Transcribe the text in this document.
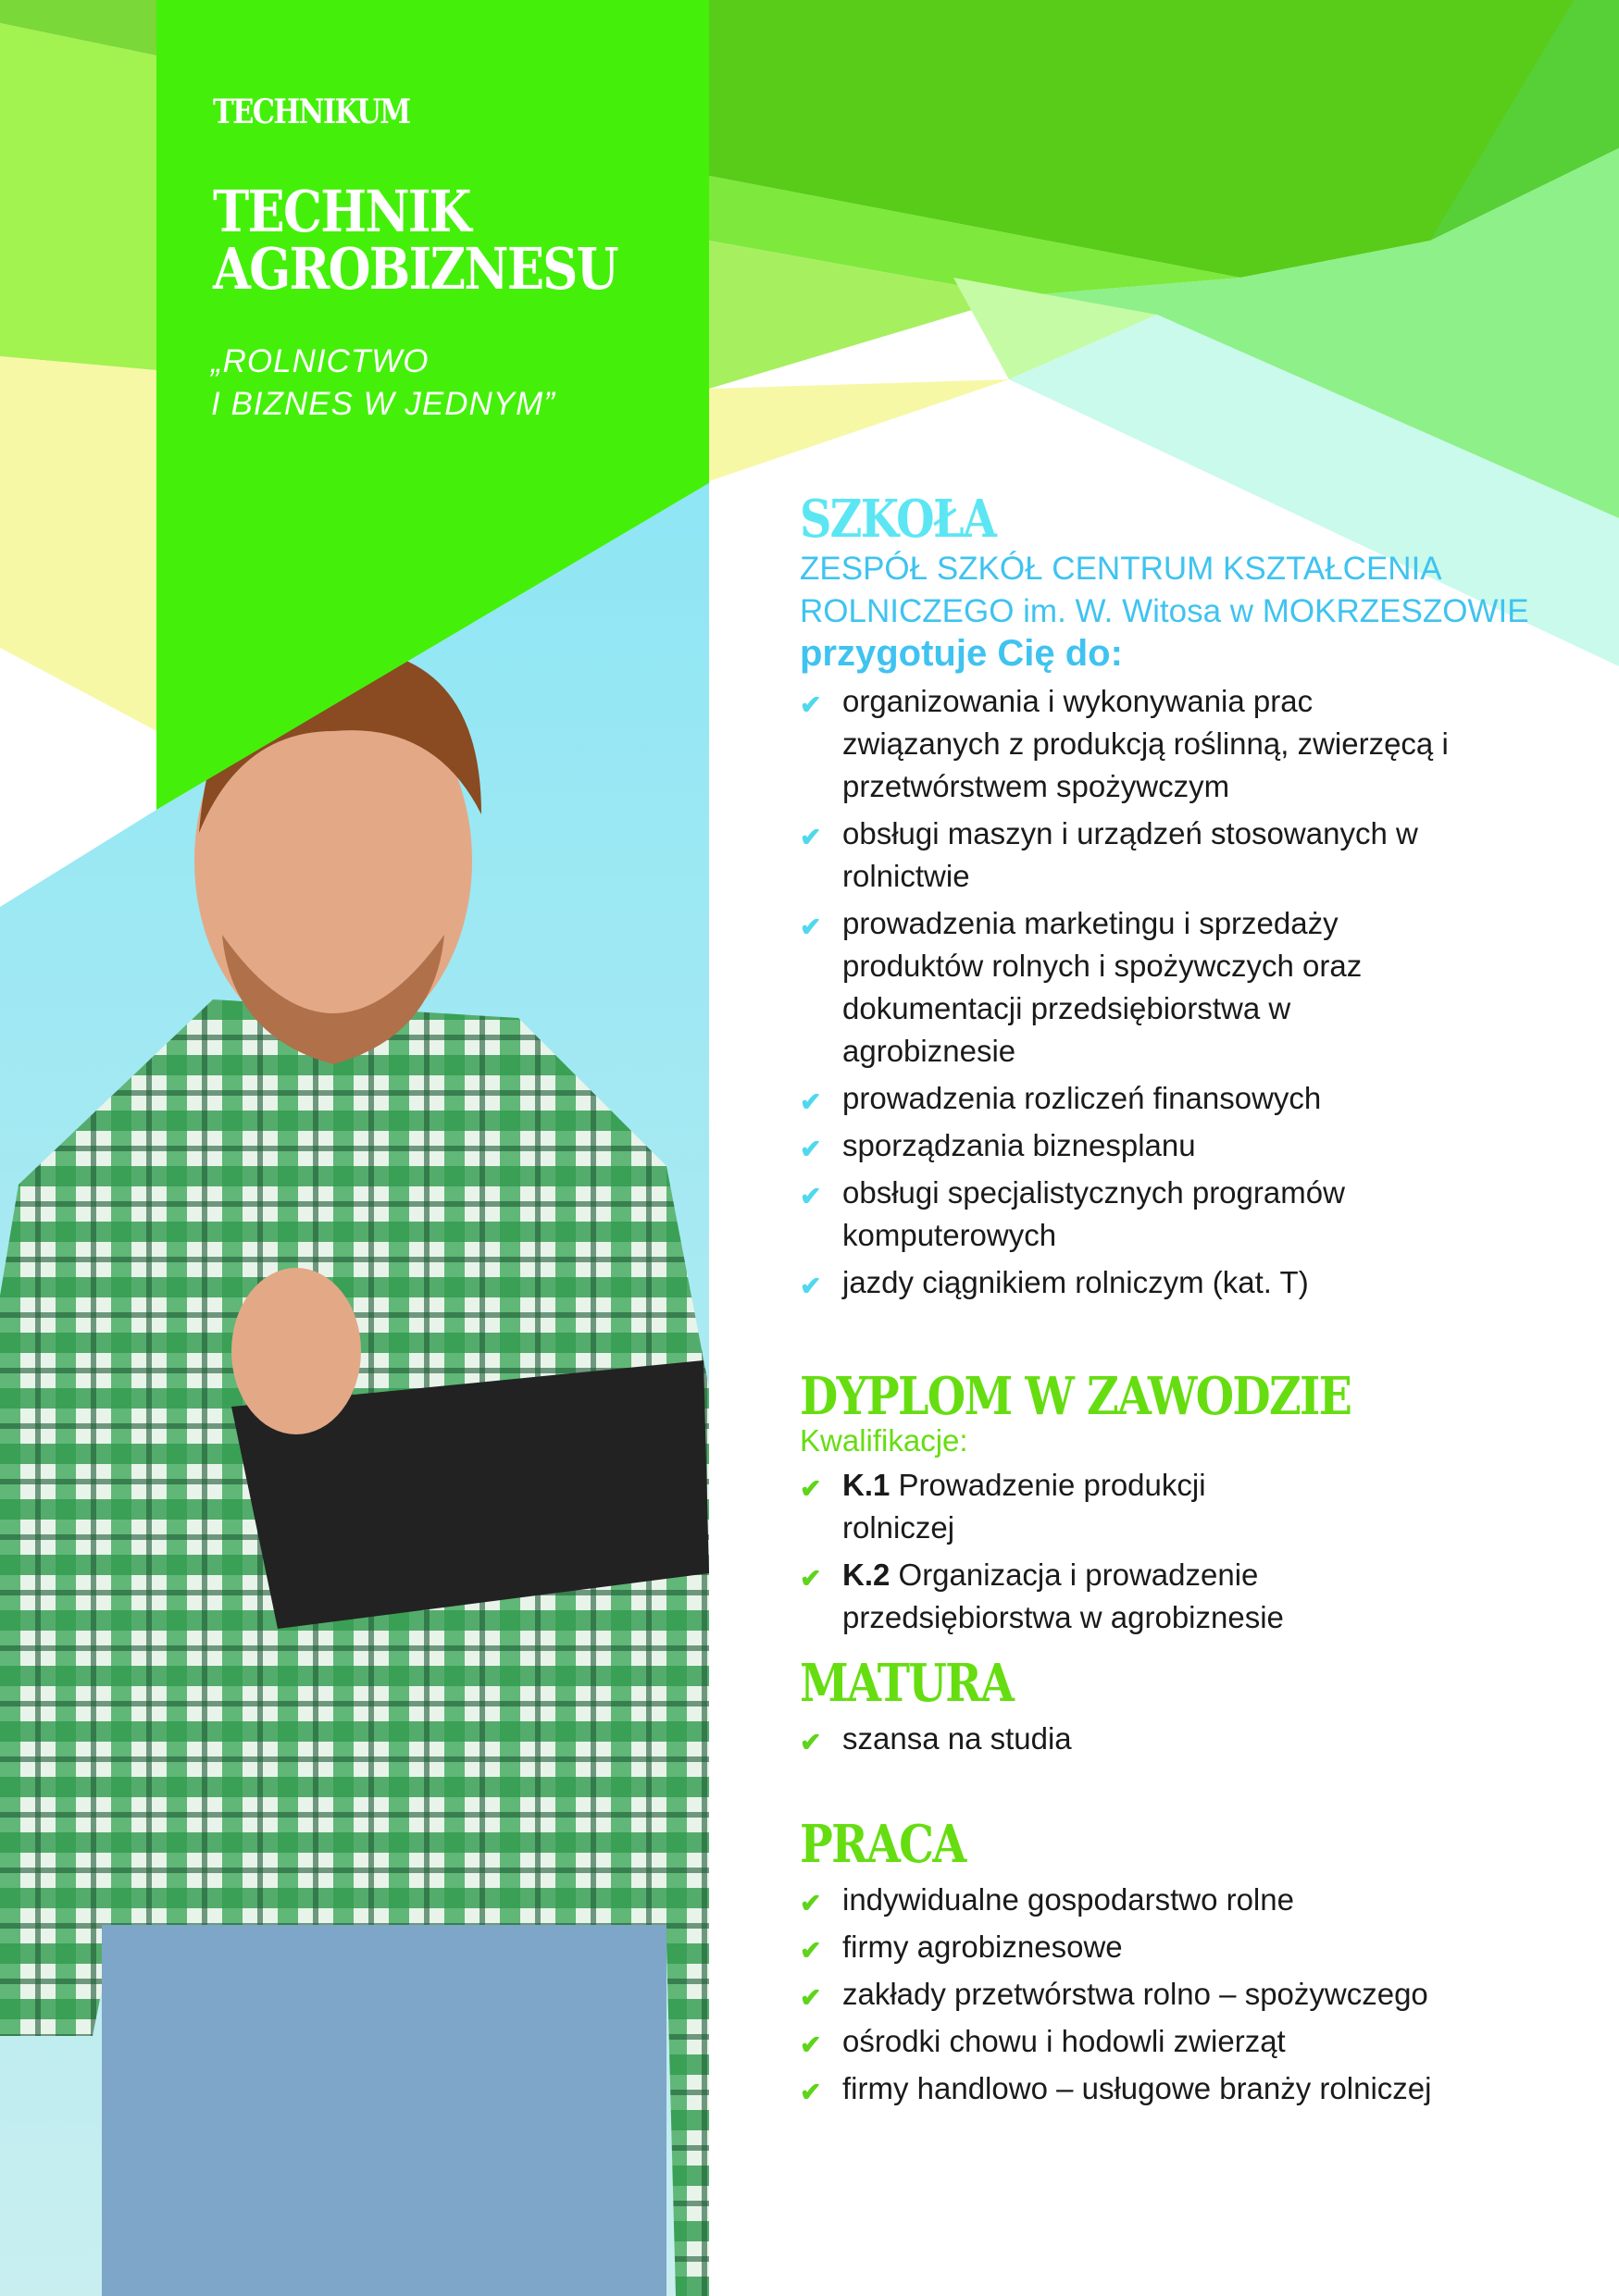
TECHNIKUM
TECHNIK
AGROBIZNESU
„ROLNICTWO
I BIZNES W JEDNYM”
SZKOŁA
ZESPÓŁ SZKÓŁ CENTRUM KSZTAŁCENIA
ROLNICZEGO im. W. Witosa w MOKRZESZOWIE
przygotuje Cię do:
✔ organizowania i wykonywania prac związanych z produkcją roślinną, zwierzęcą i przetwórstwem spożywczym
✔ obsługi maszyn i urządzeń stosowanych w rolnictwie
✔ prowadzenia marketingu i sprzedaży produktów rolnych i spożywczych oraz dokumentacji przedsiębiorstwa w agrobiznesie
✔ prowadzenia rozliczeń finansowych
✔ sporządzania biznesplanu
✔ obsługi specjalistycznych programów komputerowych
✔ jazdy ciągnikiem rolniczym (kat. T)
DYPLOM W ZAWODZIE
Kwalifikacje:
✔ K.1 Prowadzenie produkcji rolniczej
✔ K.2 Organizacja i prowadzenie przedsiębiorstwa w agrobiznesie
MATURA
✔ szansa na studia
PRACA
✔ indywidualne gospodarstwo rolne
✔ firmy agrobiznesowe
✔ zakłady przetwórstwa rolno – spożywczego
✔ ośrodki chowu i hodowli zwierząt
✔ firmy handlowo – usługowe branży rolniczej
